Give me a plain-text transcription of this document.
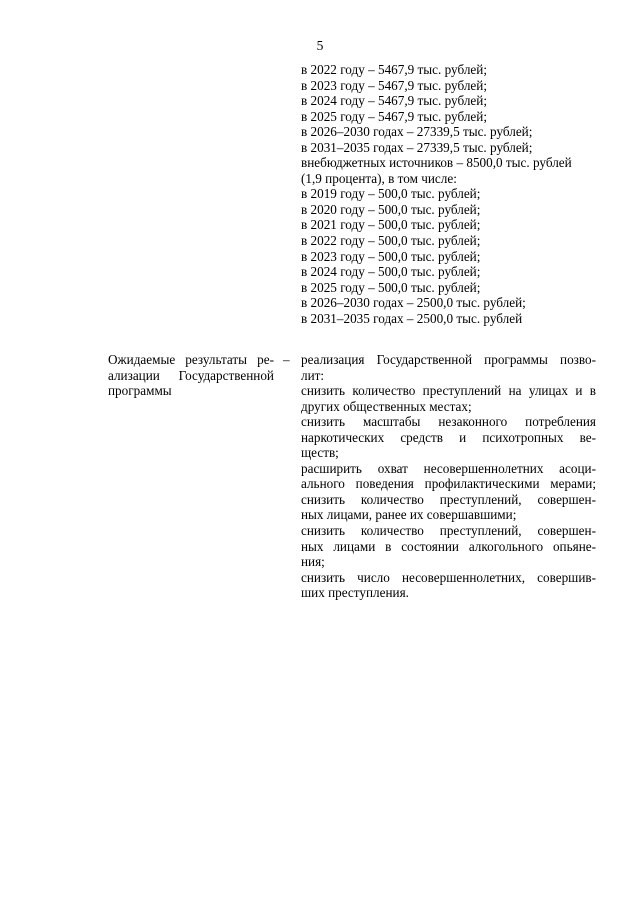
5
в 2022 году – 5467,9 тыс. рублей;
в 2023 году – 5467,9 тыс. рублей;
в 2024 году – 5467,9 тыс. рублей;
в 2025 году – 5467,9 тыс. рублей;
в 2026–2030 годах – 27339,5 тыс. рублей;
в 2031–2035 годах – 27339,5 тыс. рублей;
внебюджетных источников – 8500,0 тыс. рублей
(1,9 процента), в том числе:
в 2019 году – 500,0 тыс. рублей;
в 2020 году – 500,0 тыс. рублей;
в 2021 году – 500,0 тыс. рублей;
в 2022 году – 500,0 тыс. рублей;
в 2023 году – 500,0 тыс. рублей;
в 2024 году – 500,0 тыс. рублей;
в 2025 году – 500,0 тыс. рублей;
в 2026–2030 годах – 2500,0 тыс. рублей;
в 2031–2035 годах – 2500,0 тыс. рублей
Ожидаемые результаты ре-
ализации Государственной
программы
– реализация Государственной программы позво-
лит:
снизить количество преступлений на улицах и в
других общественных местах;
снизить масштабы незаконного потребления
наркотических средств и психотропных ве-
ществ;
расширить охват несовершеннолетних асоци-
ального поведения профилактическими мерами;
снизить количество преступлений, совершен-
ных лицами, ранее их совершавшими;
снизить количество преступлений, совершен-
ных лицами в состоянии алкогольного опьяне-
ния;
снизить число несовершеннолетних, совершив-
ших преступления.
